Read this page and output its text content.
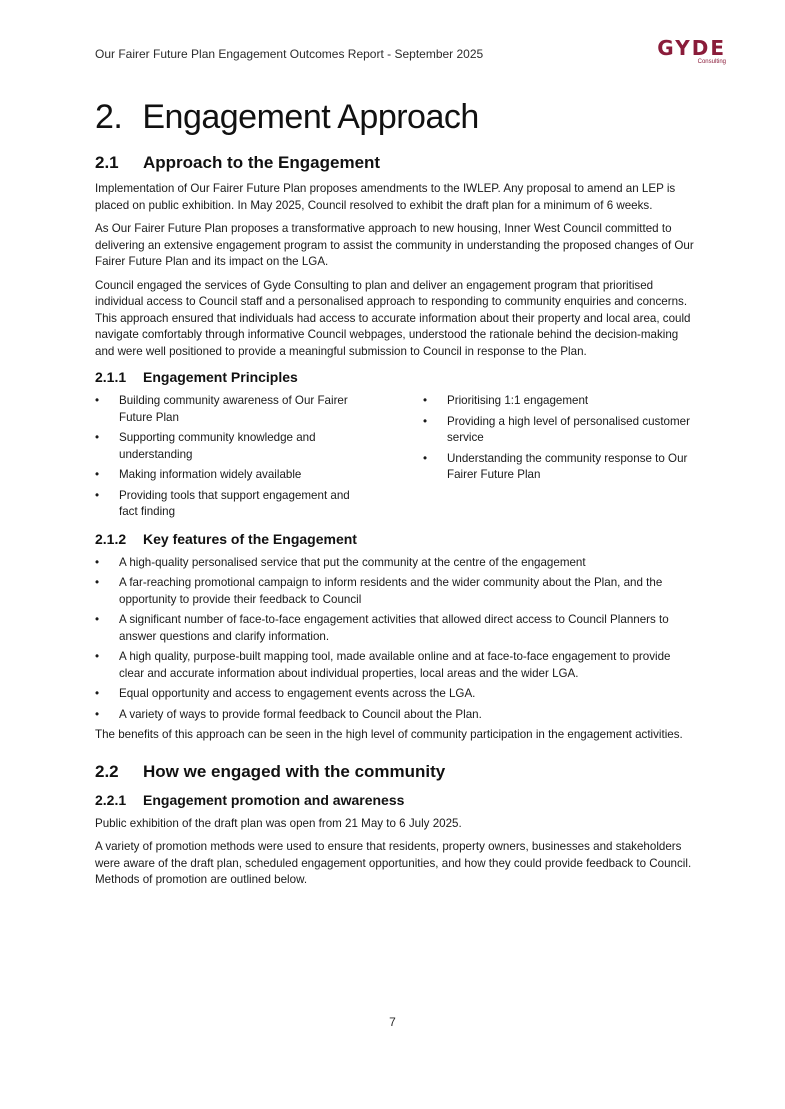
Our Fairer Future Plan Engagement Outcomes Report - September 2025	GYDE
Consulting
2. Engagement Approach
2.1 Approach to the Engagement

Implementation of Our Fairer Future Plan proposes amendments to the IWLEP. Any proposal to amend an LEP is placed on public exhibition. In May 2025, Council resolved to exhibit the draft plan for a minimum of 6 weeks.

As Our Fairer Future Plan proposes a transformative approach to new housing, Inner West Council committed to delivering an extensive engagement program to assist the community in understanding the proposed changes of Our Fairer Future Plan and its impact on the LGA.

Council engaged the services of Gyde Consulting to plan and deliver an engagement program that prioritised individual access to Council staff and a personalised approach to responding to community enquiries and concerns. This approach ensured that individuals had access to accurate information about their property and local area, could navigate comfortably through informative Council webpages, understood the rationale behind the decision-making and were well positioned to provide a meaningful submission to Council in response to the Plan.

2.1.1 Engagement Principles
• Building community awareness of Our Fairer Future Plan
• Supporting community knowledge and understanding
• Making information widely available
• Providing tools that support engagement and fact finding
• Prioritising 1:1 engagement
• Providing a high level of personalised customer service
• Understanding the community response to Our Fairer Future Plan
2.1.2 Key features of the Engagement
• A high-quality personalised service that put the community at the centre of the engagement
• A far-reaching promotional campaign to inform residents and the wider community about the Plan, and the opportunity to provide their feedback to Council
• A significant number of face-to-face engagement activities that allowed direct access to Council Planners to answer questions and clarify information.
• A high quality, purpose-built mapping tool, made available online and at face-to-face engagement to provide clear and accurate information about individual properties, local areas and the wider LGA.
• Equal opportunity and access to engagement events across the LGA.
• A variety of ways to provide formal feedback to Council about the Plan.

The benefits of this approach can be seen in the high level of community participation in the engagement activities.

2.2 How we engaged with the community
2.2.1 Engagement promotion and awareness

Public exhibition of the draft plan was open from 21 May to 6 July 2025.

A variety of promotion methods were used to ensure that residents, property owners, businesses and stakeholders were aware of the draft plan, scheduled engagement opportunities, and how they could provide feedback to Council. Methods of promotion are outlined below.

7
